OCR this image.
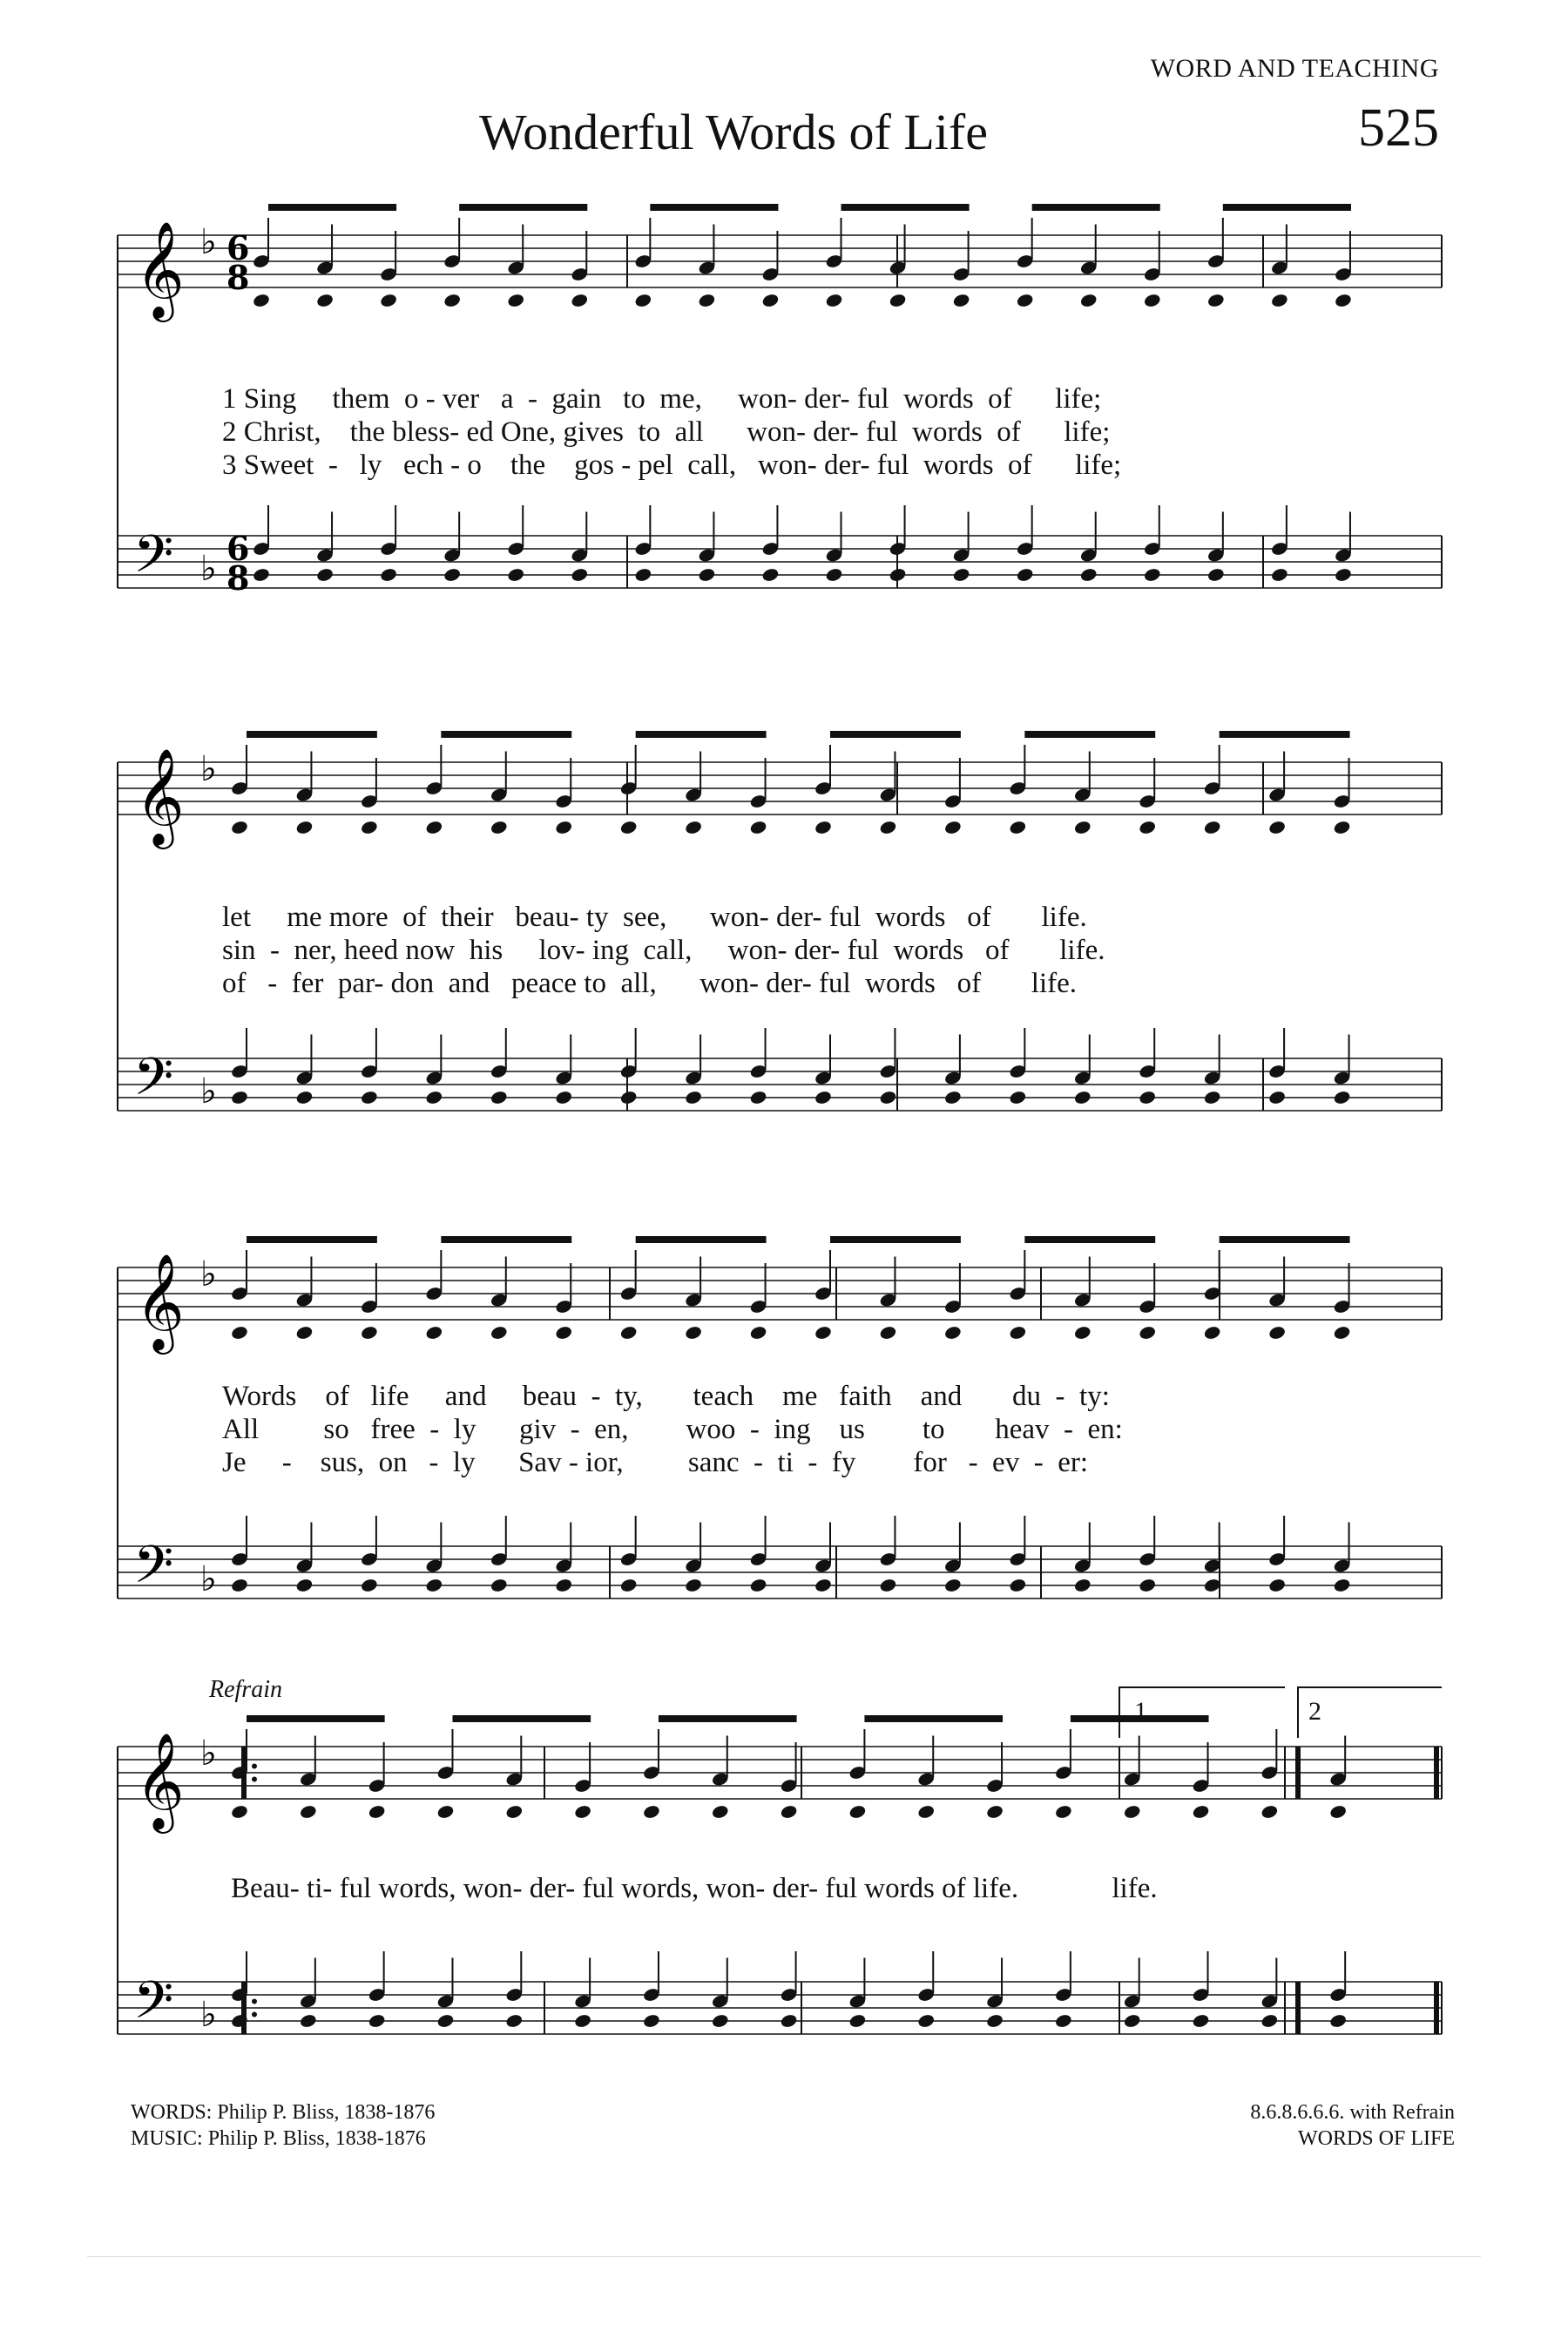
WORD AND TEACHING
Wonderful Words of Life	525
𝄞
𝄢
♭
♭
6
8
6
8
𝄞
𝄢
♭
♭
𝄞
𝄢
♭
♭
𝄞
𝄢
♭
♭
1 Sing     them  o - ver   a  -  gain   to  me,     won- der- ful  words  of      life;
2 Christ,    the bless- ed One, gives  to  all      won- der- ful  words  of      life;
3 Sweet  -   ly   ech - o    the    gos - pel  call,   won- der- ful  words  of      life;
let     me more  of  their   beau- ty  see,      won- der- ful  words   of       life.
sin  -  ner, heed now  his     lov- ing  call,     won- der- ful  words   of       life.
of   -  fer  par- don  and   peace to  all,      won- der- ful  words   of       life.
Words    of   life     and     beau  -  ty,       teach    me   faith    and       du  -  ty:
All         so   free  -  ly      giv  -  en,        woo  -  ing    us        to       heav  -  en:
Je     -    sus,  on   -  ly      Sav - ior,         sanc  -  ti  -  fy        for   -  ev  -  er:
Refrain
1	2
Beau- ti- ful words, won- der- ful words, won- der- ful words of life.             life.
WORDS: Philip P. Bliss, 1838-1876
MUSIC: Philip P. Bliss, 1838-1876
8.6.8.6.6.6. with Refrain
WORDS OF LIFE
